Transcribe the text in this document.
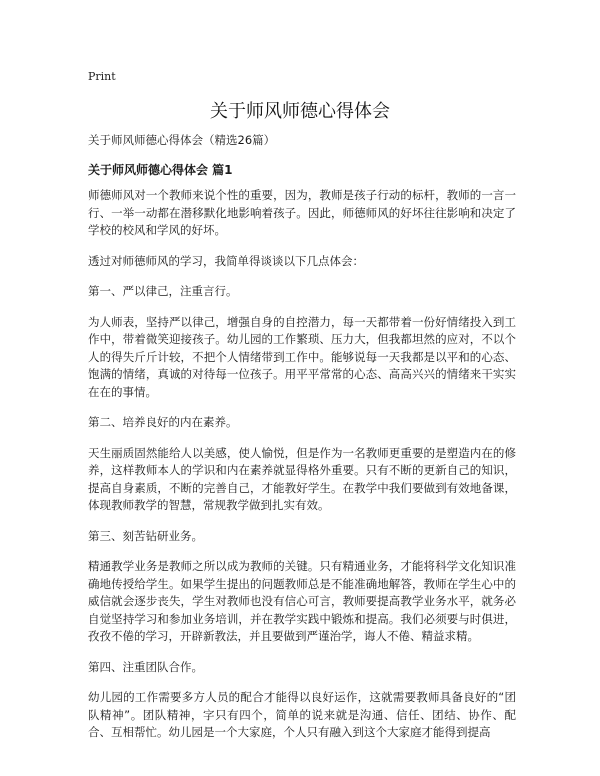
Print
关于师风师德心得体会

关于师风师德心得体会（精选26篇）

关于师风师德心得体会 篇1

师德师风对一个教师来说个性的重要，因为，教师是孩子行动的标杆，教师的一言一行、一举一动都在潜移默化地影响着孩子。因此，师德师风的好坏往往影响和决定了学校的校风和学风的好坏。

透过对师德师风的学习，我简单得谈谈以下几点体会：

第一、严以律己，注重言行。

为人师表，坚持严以律己，增强自身的自控潜力，每一天都带着一份好情绪投入到工作中，带着微笑迎接孩子。幼儿园的工作繁琐、压力大，但我都坦然的应对，不以个人的得失斤斤计较，不把个人情绪带到工作中。能够说每一天我都是以平和的心态、饱满的情绪，真诚的对待每一位孩子。用平平常常的心态、高高兴兴的情绪来干实实在在的事情。

第二、培养良好的内在素养。

天生丽质固然能给人以美感，使人愉悦，但是作为一名教师更重要的是塑造内在的修养，这样教师本人的学识和内在素养就显得格外重要。只有不断的更新自己的知识，提高自身素质，不断的完善自己，才能教好学生。在教学中我们要做到有效地备课，体现教师教学的智慧，常规教学做到扎实有效。

第三、刻苦钻研业务。

精通教学业务是教师之所以成为教师的关键。只有精通业务，才能将科学文化知识准确地传授给学生。如果学生提出的问题教师总是不能准确地解答，教师在学生心中的威信就会逐步丧失，学生对教师也没有信心可言，教师要提高教学业务水平，就务必自觉坚持学习和参加业务培训，并在教学实践中锻炼和提高。我们必须要与时俱进，孜孜不倦的学习，开辟新教法，并且要做到严谨治学，诲人不倦、精益求精。

第四、注重团队合作。

幼儿园的工作需要多方人员的配合才能得以良好运作，这就需要教师具备良好的“团队精神”。团队精神，字只有四个，简单的说来就是沟通、信任、团结、协作、配合、互相帮忙。幼儿园是一个大家庭，个人只有融入到这个大家庭才能得到提高
